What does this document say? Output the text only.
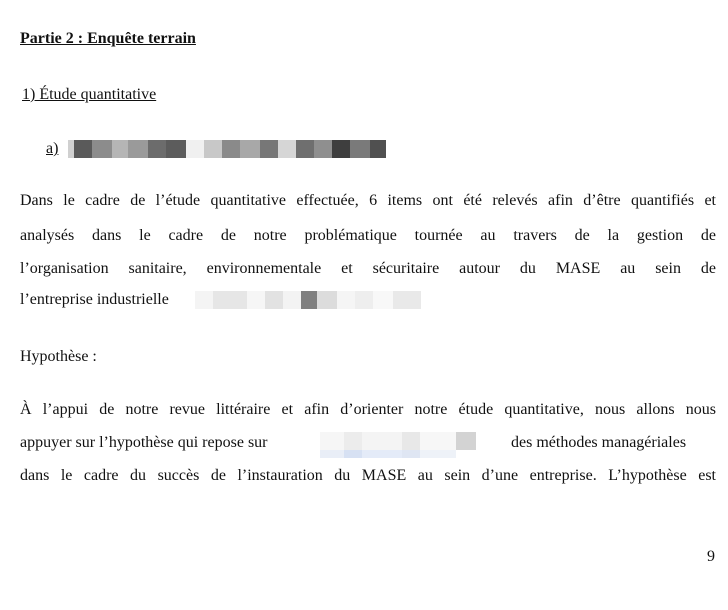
Partie 2 : Enquête terrain
1) Étude quantitative
a)
Dans le cadre de l’étude quantitative effectuée, 6 items ont été relevés afin d’être quantifiés et
analysés dans le cadre de notre problématique tournée au travers de la gestion de
l’organisation sanitaire, environnementale et sécuritaire autour du MASE au sein de
l’entreprise industrielle
Hypothèse :
À l’appui de notre revue littéraire et afin d’orienter notre étude quantitative, nous allons nous
appuyer sur l’hypothèse qui repose sur	des méthodes managériales
dans le cadre du succès de l’instauration du MASE au sein d’une entreprise. L’hypothèse est
9
